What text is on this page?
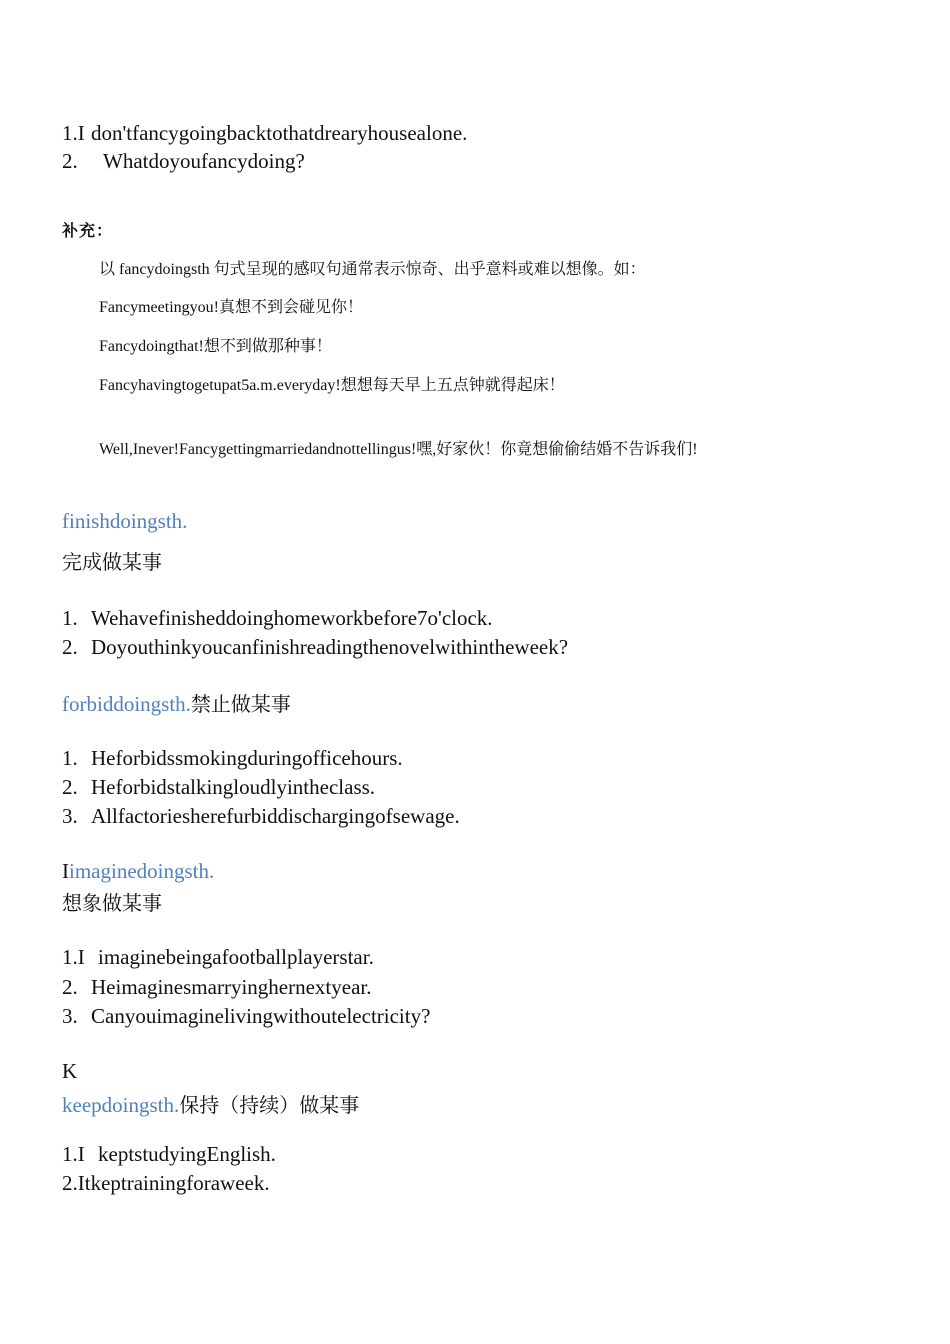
1.I don'tfancygoingbacktothatdrearyhousealone.
2. Whatdoyoufancydoing?
补充：
以 fancydoingsth 句式呈现的感叹句通常表示惊奇、出乎意料或难以想像。如：
Fancymeetingyou!真想不到会碰见你！
Fancydoingthat!想不到做那种事！
Fancyhavingtogetupat5a.m.everyday!想想每天早上五点钟就得起床！
Well,Inever!Fancygettingmarriedandnottellingus!嘿,好家伙！你竟想偷偷结婚不告诉我们!
finishdoingsth.
完成做某事
1. Wehavefinisheddoinghomeworkbefore7o'clock.
2. Doyouthinkyoucanfinishreadingthenovelwithintheweek?
forbiddoingsth.禁止做某事
1. Heforbidssmokingduringofficehours.
2. Heforbidstalkingloudlyintheclass.
3. Allfactoriesherefurbiddischargingofsewage.
Iimaginedoingsth.
想象做某事
1.I imaginebeingafootballplayerstar.
2. Heimaginesmarryinghernextyear.
3. Canyouimaginelivingwithoutelectricity?
K
keepdoingsth.保持（持续）做某事
1.I keptstudyingEnglish.
2.Itkeptrainingforaweek.
